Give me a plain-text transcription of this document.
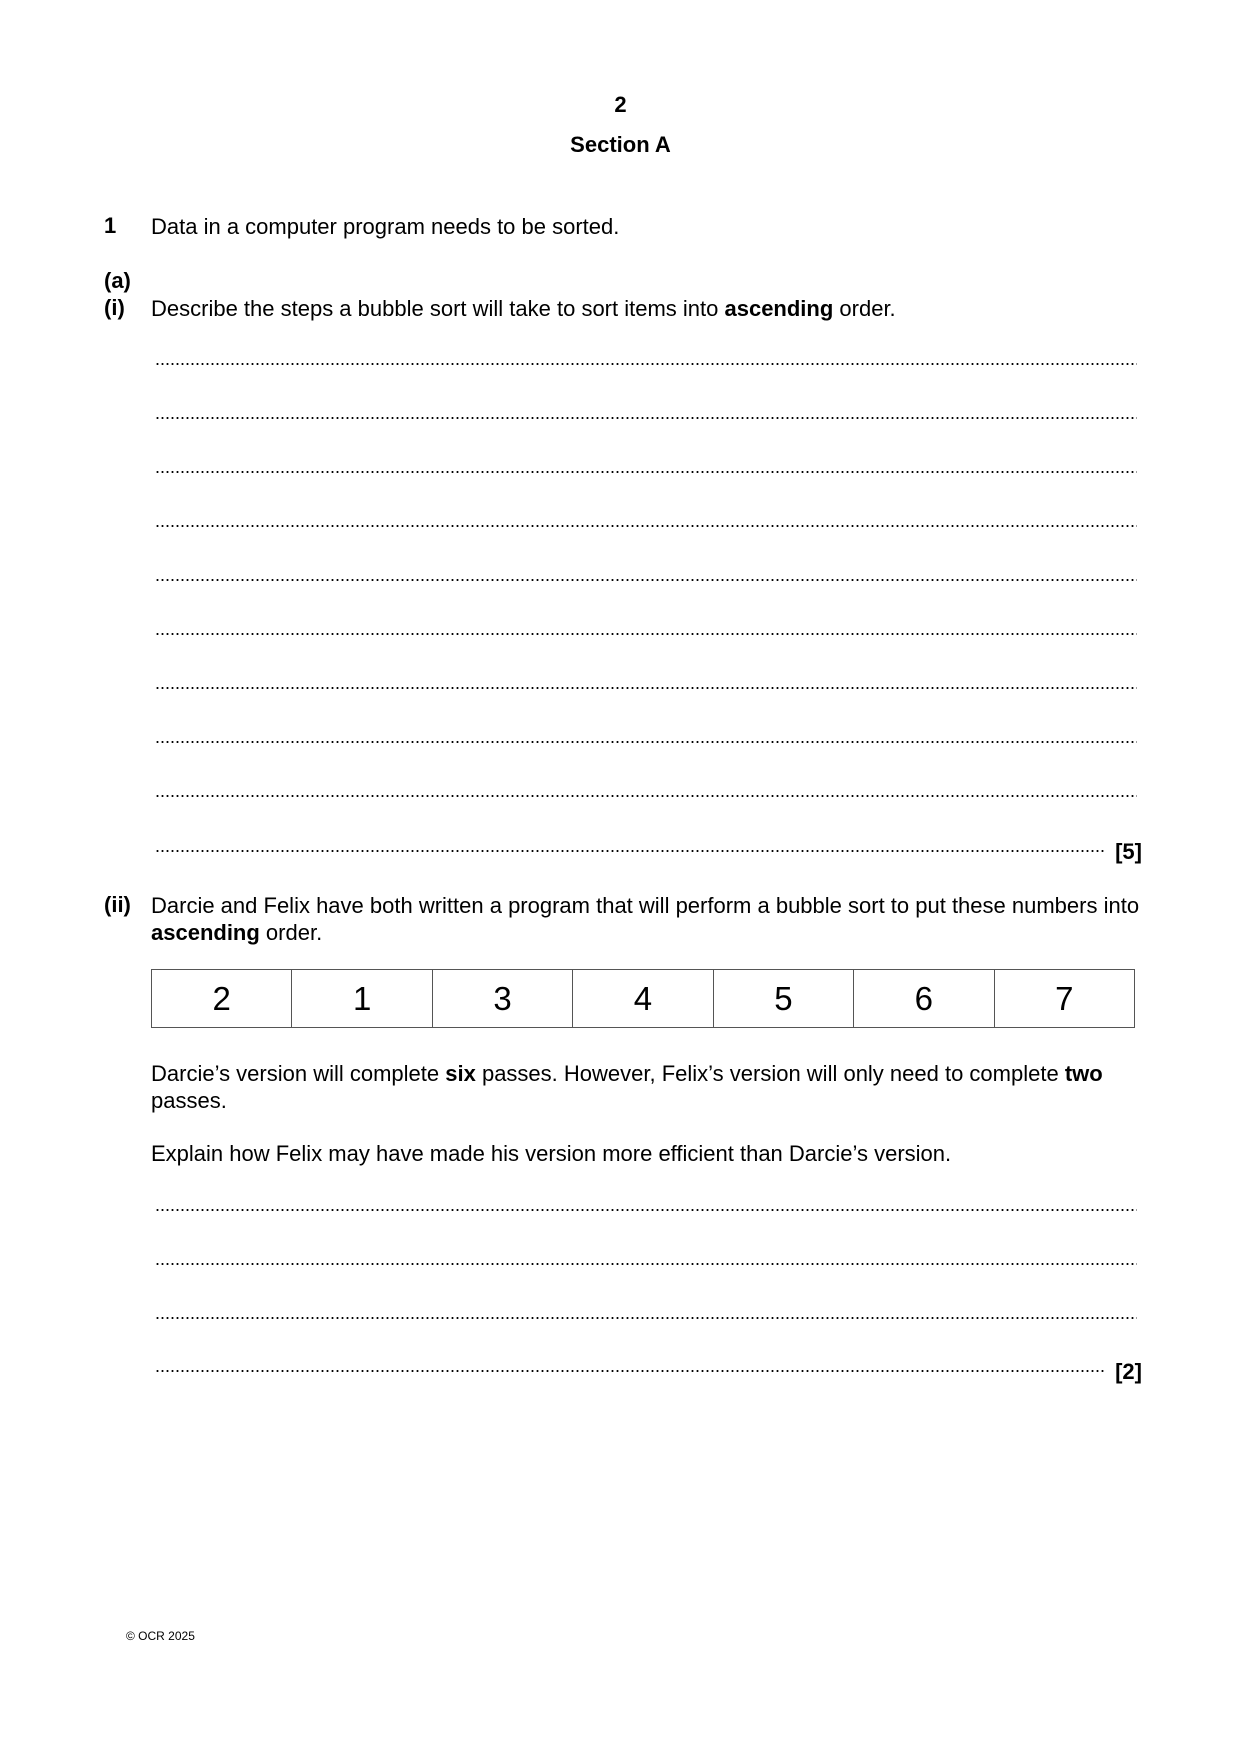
2
Section A
1 Data in a computer program needs to be sorted.
(a)
(i) Describe the steps a bubble sort will take to sort items into ascending order.
[5]
(ii) Darcie and Felix have both written a program that will perform a bubble sort to put these numbers into ascending order.
2	1	3	4	5	6	7
Darcie’s version will complete six passes. However, Felix’s version will only need to complete two passes.
Explain how Felix may have made his version more efficient than Darcie’s version.
[2]
© OCR 2025
